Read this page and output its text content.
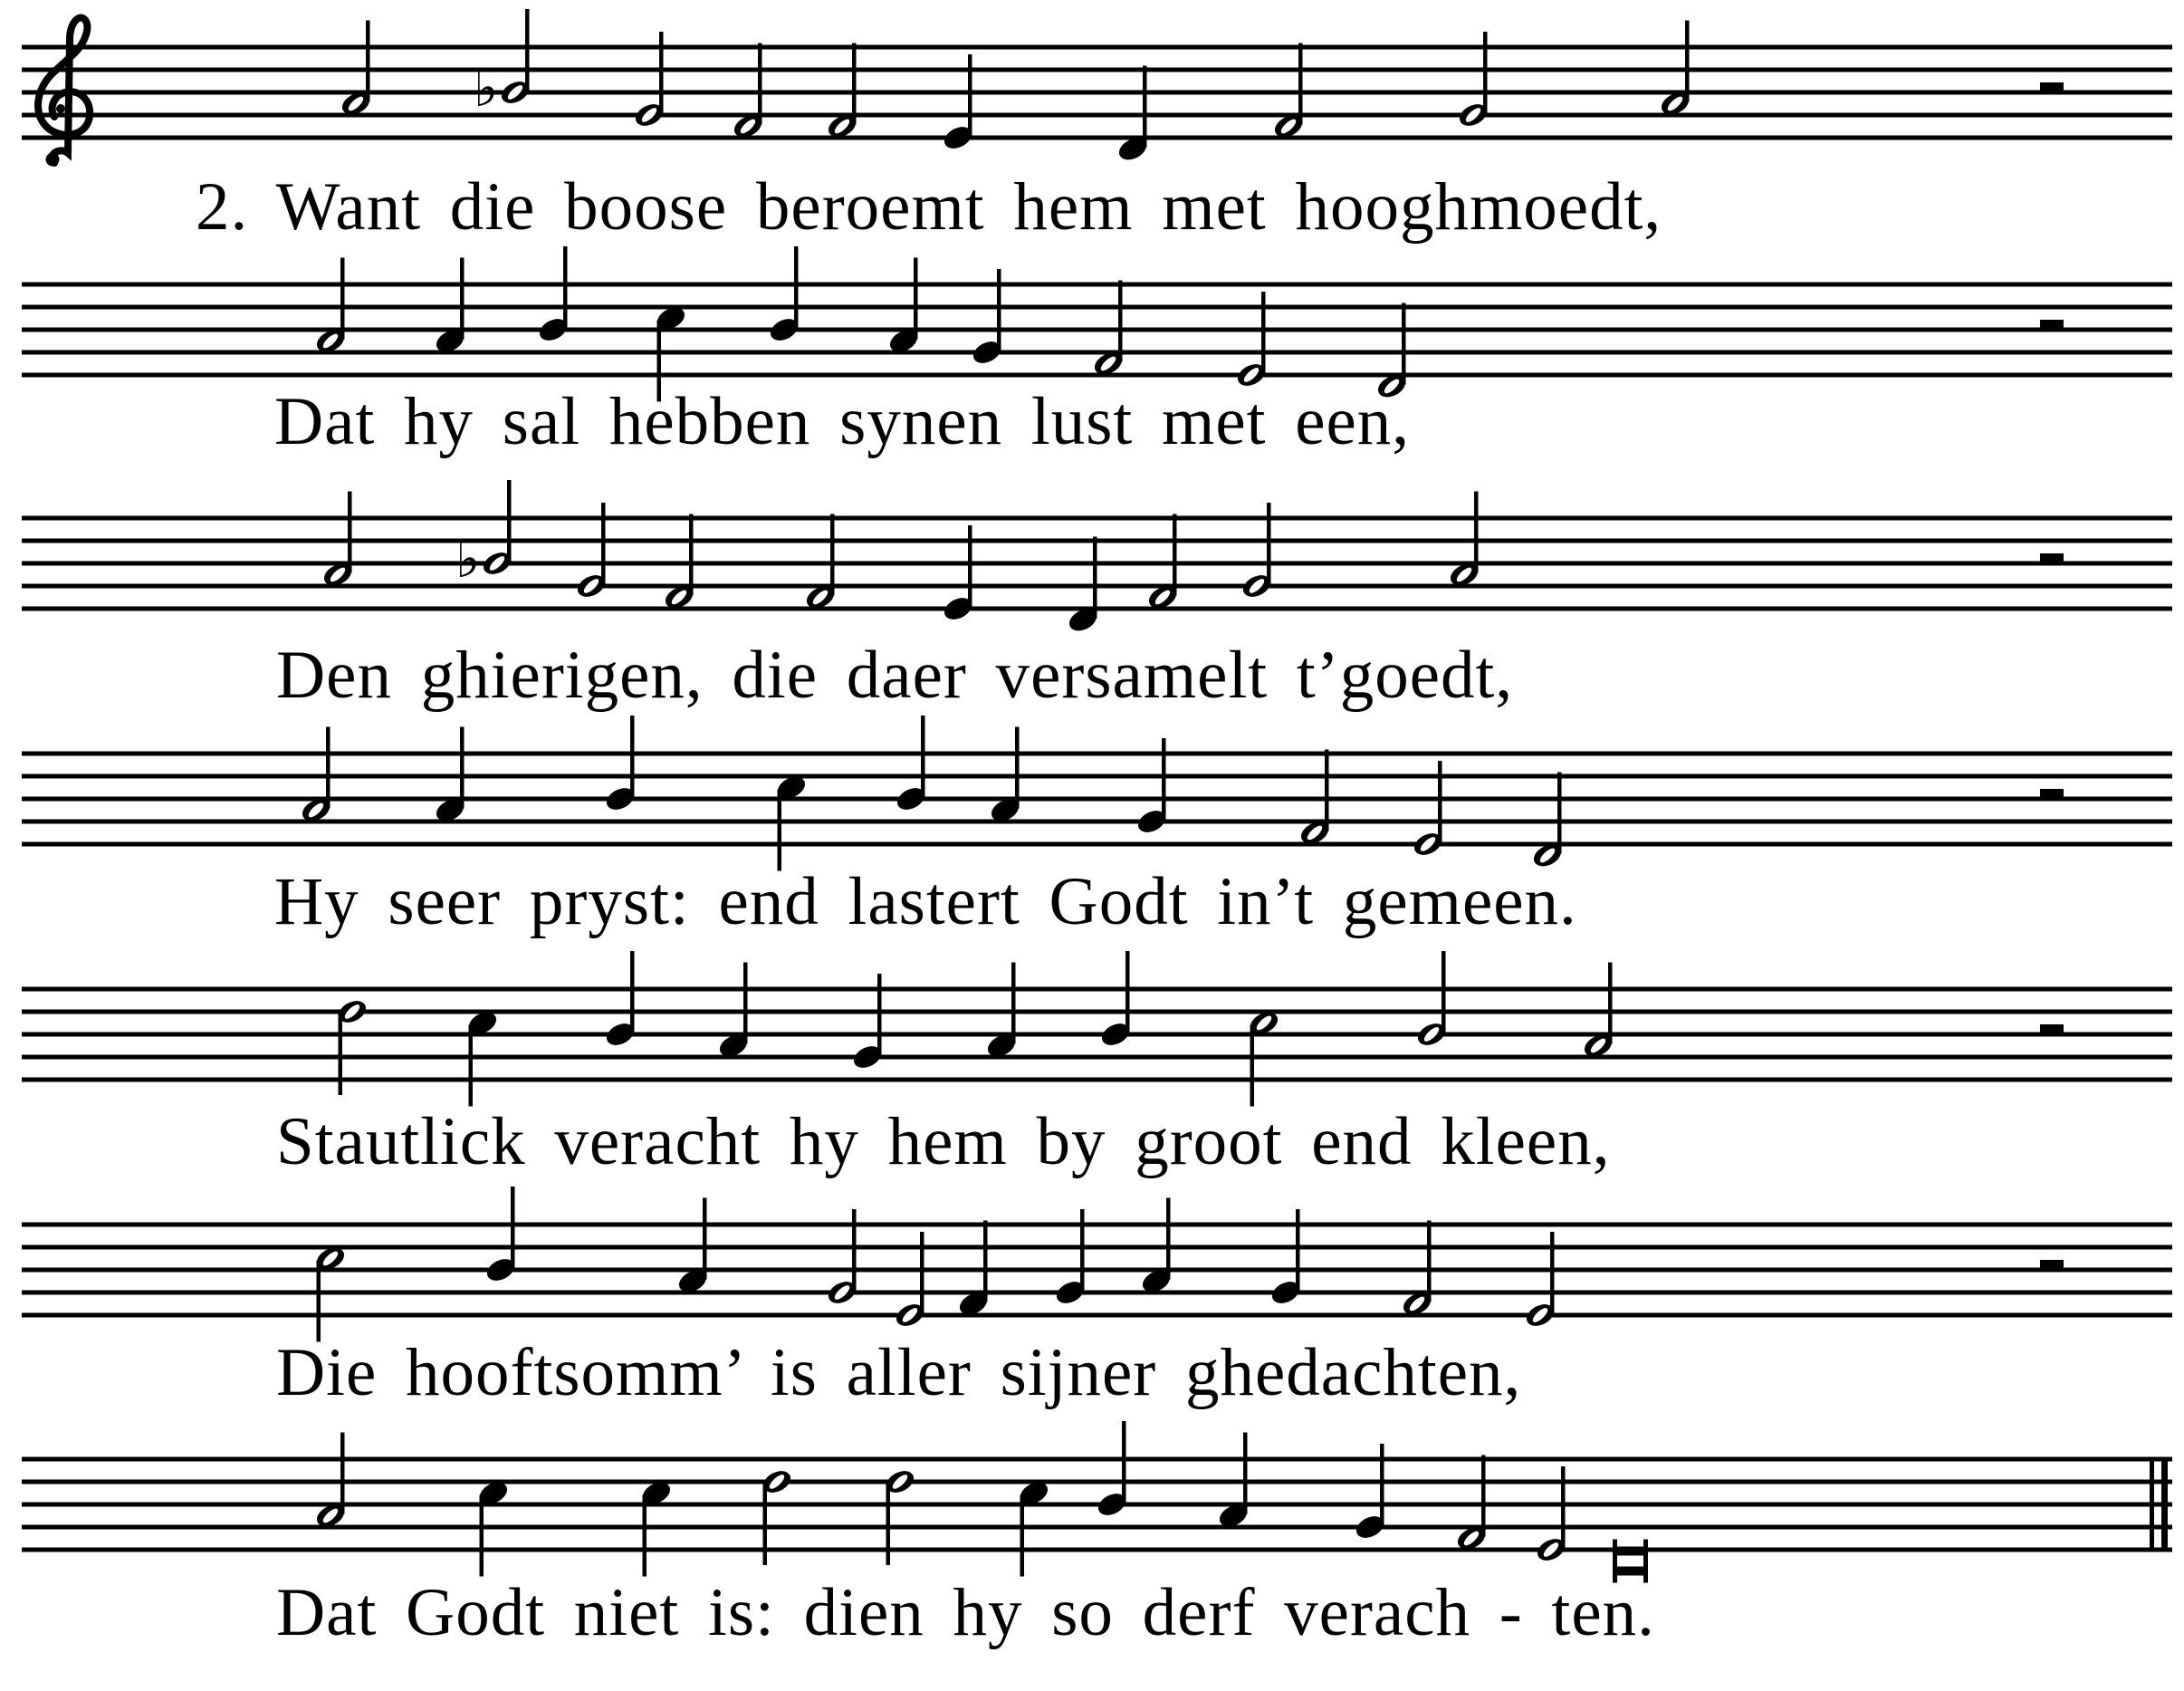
♭
♭
2. Want die boose beroemt hem met hooghmoedt,
Dat hy sal hebben synen lust met een,
Den ghierigen, die daer versamelt t’goedt,
Hy seer pryst: end lastert Godt in’t gemeen.
Stautlick veracht hy hem by groot end kleen,
Die hooftsomm’ is aller sijner ghedachten,
Dat Godt niet is: dien hy so derf verach - ten.
